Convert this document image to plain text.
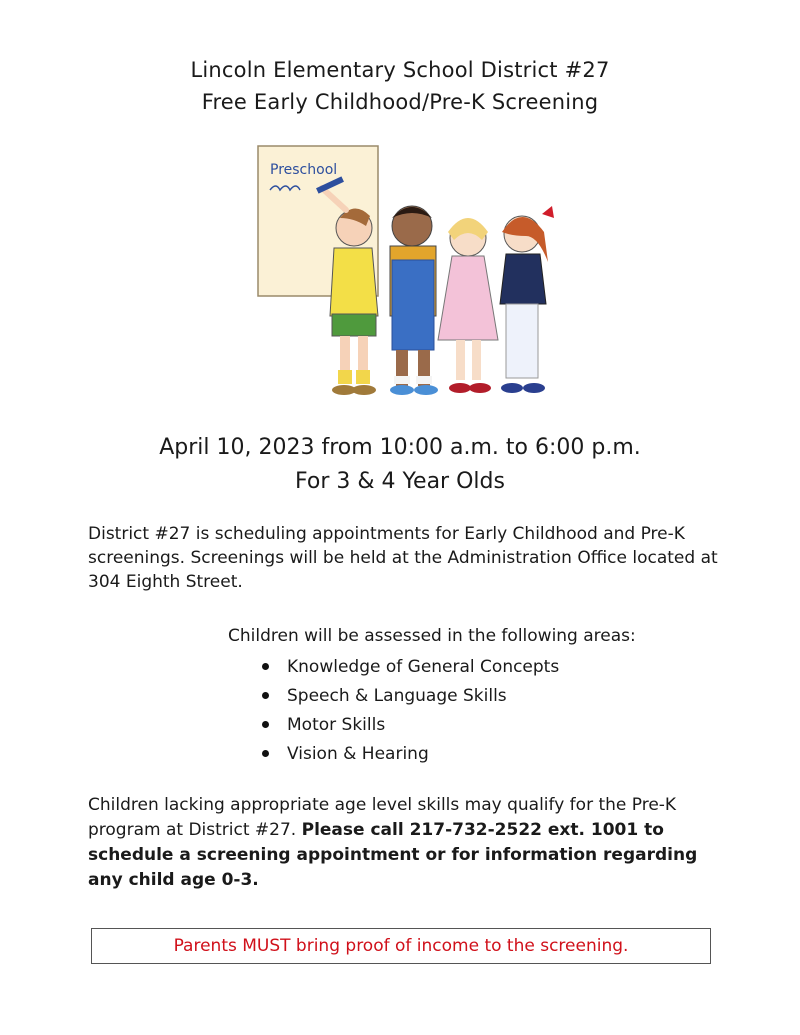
Lincoln Elementary School District #27
Free Early Childhood/Pre-K Screening
Preschool
April 10, 2023 from 10:00 a.m. to 6:00 p.m.
For 3 & 4 Year Olds
District #27 is scheduling appointments for Early Childhood and Pre-K screenings. Screenings will be held at the Administration Office located at 304 Eighth Street.
Children will be assessed in the following areas:
Knowledge of General Concepts
Speech & Language Skills
Motor Skills
Vision & Hearing
Children lacking appropriate age level skills may qualify for the Pre-K program at District #27. Please call 217-732-2522 ext. 1001 to schedule a screening appointment or for information regarding any child age 0-3.
Parents MUST bring proof of income to the screening.
